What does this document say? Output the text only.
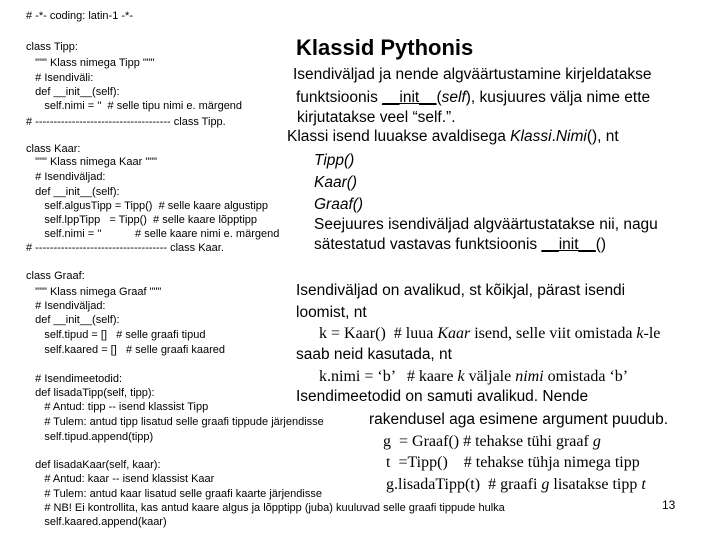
# -*- coding: latin-1 -*-
class Tipp:
""" Klass nimega Tipp """
# Isendiväli:
def __init__(self):
self.nimi = ''  # selle tipu nimi e. märgend
# ------------------------------------- class Tipp.
class Kaar:
""" Klass nimega Kaar """
# Isendiväljad:
def __init__(self):
self.algusTipp = Tipp()  # selle kaare algustipp
self.lppTipp   = Tipp()  # selle kaare lõpptipp
self.nimi = ''           # selle kaare nimi e. märgend
# ------------------------------------ class Kaar.
class Graaf:
""" Klass nimega Graaf """
# Isendiväljad:
def __init__(self):
self.tipud = []   # selle graafi tipud
self.kaared = []   # selle graafi kaared
# Isendimeetodid:
def lisadaTipp(self, tipp):
# Antud: tipp -- isend klassist Tipp
# Tulem: antud tipp lisatud selle graafi tippude järjendisse
self.tipud.append(tipp)
def lisadaKaar(self, kaar):
# Antud: kaar -- isend klassist Kaar
# Tulem: antud kaar lisatud selle graafi kaarte järjendisse
# NB! Ei kontrollita, kas antud kaare algus ja lõpptipp (juba) kuuluvad selle graafi tippude hulka
self.kaared.append(kaar)
Klassid Pythonis
Isendiväljad ja nende algväärtustamine kirjeldatakse
funktsioonis __init__(self), kusjuures välja nime ette
kirjutatakse veel “self.”.
Klassi isend luuakse avaldisega Klassi.Nimi(), nt
Tipp()
Kaar()
Graaf()
Seejuures isendiväljad algväärtustatakse nii, nagu
sätestatud vastavas funktsioonis __init__()
Isendiväljad on avalikud, st kõikjal, pärast isendi
loomist, nt
k = Kaar()  # luua Kaar isend, selle viit omistada k-le
saab neid kasutada, nt
k.nimi = ‘b’   # kaare k väljale nimi omistada ‘b’
Isendimeetodid on samuti avalikud. Nende
rakendusel aga esimene argument puudub.
g  = Graaf() # tehakse tühi graaf g
t  =Tipp()    # tehakse tühja nimega tipp
g.lisadaTipp(t)  # graafi g lisatakse tipp t
13
